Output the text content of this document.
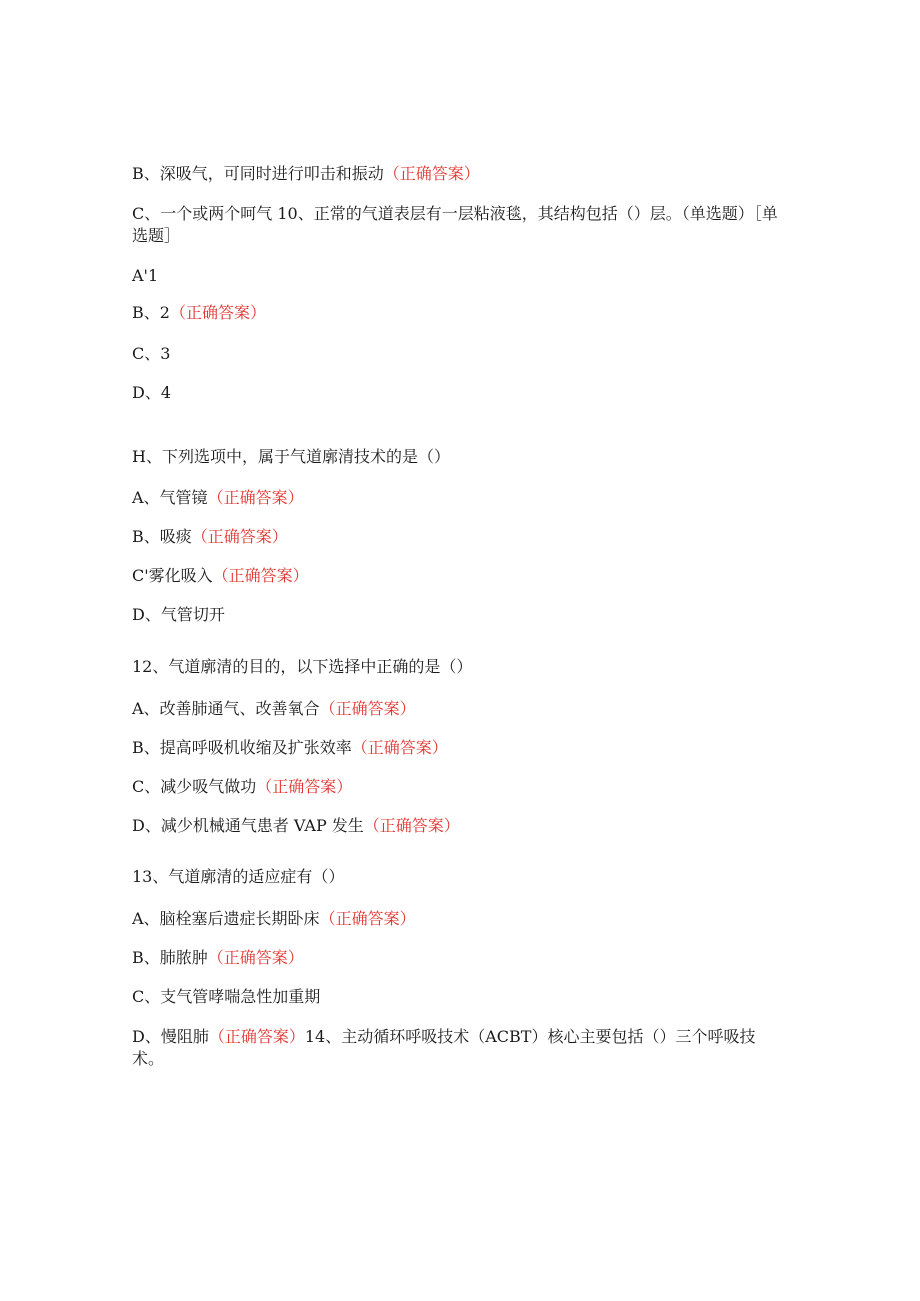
B、深吸气，可同时进行叩击和振动（正确答案）
C、一个或两个呵气 10、正常的气道表层有一层粘液毯，其结构包括（）层。（单选题）［单选题］
A'1
B、2（正确答案）
C、3
D、4
H、下列选项中，属于气道廓清技术的是（）
A、气管镜（正确答案）
B、吸痰（正确答案）
C'雾化吸入（正确答案）
D、气管切开
12、气道廓清的目的，以下选择中正确的是（）
A、改善肺通气、改善氧合（正确答案）
B、提高呼吸机收缩及扩张效率（正确答案）
C、减少吸气做功（正确答案）
D、减少机械通气患者 VAP 发生（正确答案）
13、气道廓清的适应症有（）
A、脑栓塞后遗症长期卧床（正确答案）
B、肺脓肿（正确答案）
C、支气管哮喘急性加重期
D、慢阻肺（正确答案）14、主动循环呼吸技术（ACBT）核心主要包括（）三个呼吸技术。
